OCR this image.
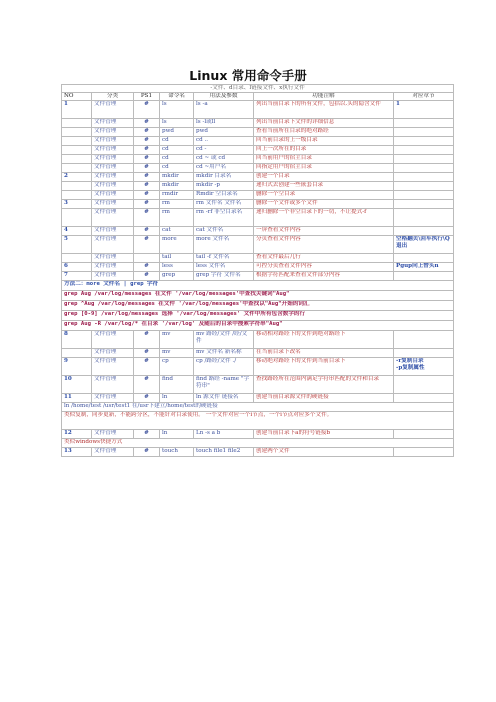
Linux 常用命令手册
-文件、d目录、l链接文件、x执行文件						
NO	分类	PS1	命令名	用法及参数	功能注解	对应章节
1	文件管理	#	ls	ls -a	列出当前目录下的所有文件，包括以.头的隐含文件	1
	文件管理	#	ls	ls -l或ll	列出当前目录下文件的详细信息	
	文件管理	#	pwd	pwd	查看当前所在目录的绝对路经	
	文件管理	#	cd	cd ..	回当前目录的上一级目录	
	文件管理	#	cd	cd -	回上一次所在的目录	
	文件管理	#	cd	cd ~ 或 cd	回当前用户的宿主目录	
	文件管理	#	cd	cd ~用户名	回指定用户的宿主目录	
2	文件管理	#	mkdir	mkdir 目录名	创建一个目录	
	文件管理	#	mkdir	mkdir -p	递归式去创建一些嵌套目录	
	文件管理	#	rmdir	Rmdir 空目录名	删除一个空目录	
3	文件管理	#	rm	rm 文件名 文件名	删除一个文件或多个文件	
	文件管理	#	rm	rm -rf 非空目录名	递归删除一个非空目录下的一切，不让提式-f	
4	文件管理	#	cat	cat 文件名	一屏查看文件内容	
5	文件管理	#	more	more 文件名	分页查看文件内容	空格翻页\回车执行\Q退出
	文件管理		tail	tail -f 文件名	查看文件最后几行	
6	文件管理	#	less	less 文件名	可控分页查看文件内容	Pgup向上替头n
7	文件管理	#	grep	grep 字符 文件名	根据字符匹配来查看文件部分内容	
方法二：more 文件名 | grep 字符						
grep Aug /var/log/messages 在文件 '/var/log/messages'中查找关键词"Aug"						
grep ^Aug /var/log/messages 在文件 '/var/log/messages'中查找以"Aug"开始的词汇						
grep [0-9] /var/log/messages 选择 '/var/log/messages' 文件中所有包含数字的行						
grep Aug -R /var/log/* 在目录 '/var/log' 及随后的目录中搜索字符串"Aug"						
8	文件管理	#	mv	mv 路经/文件 /经/文件	移动相对路经下的文件到绝对路经下	
	文件管理	#	mv	mv 文件名 新名称	在当前目录下改名	
9	文件管理	#	cp	cp /路经/文件 ./	移动绝对路经下的文件到当前目录下	-r复制目录
-p复制属性
10	文件管理	#	find	find 路经 -name "字符串"	查找路经所在范围内满足字符串匹配的文件和目录	
11	文件管理	#	ln	ln 源文件 链接名	创建当前目录源文件的硬链接	
ln /home/test /usr/test1 在/usr下建立/home/test的硬链接						
类似复制，同步更新，不能跨分区，不能针对目录使用。 一个文件对应一个i节点，一个i节点对应多个文件。						
12	文件管理	#	ln	Ln -s a b	创建当前目录下a的符号链接b	
类似windows快捷方式						
13	文件管理	#	touch	touch file1 file2	创建两个文件	
